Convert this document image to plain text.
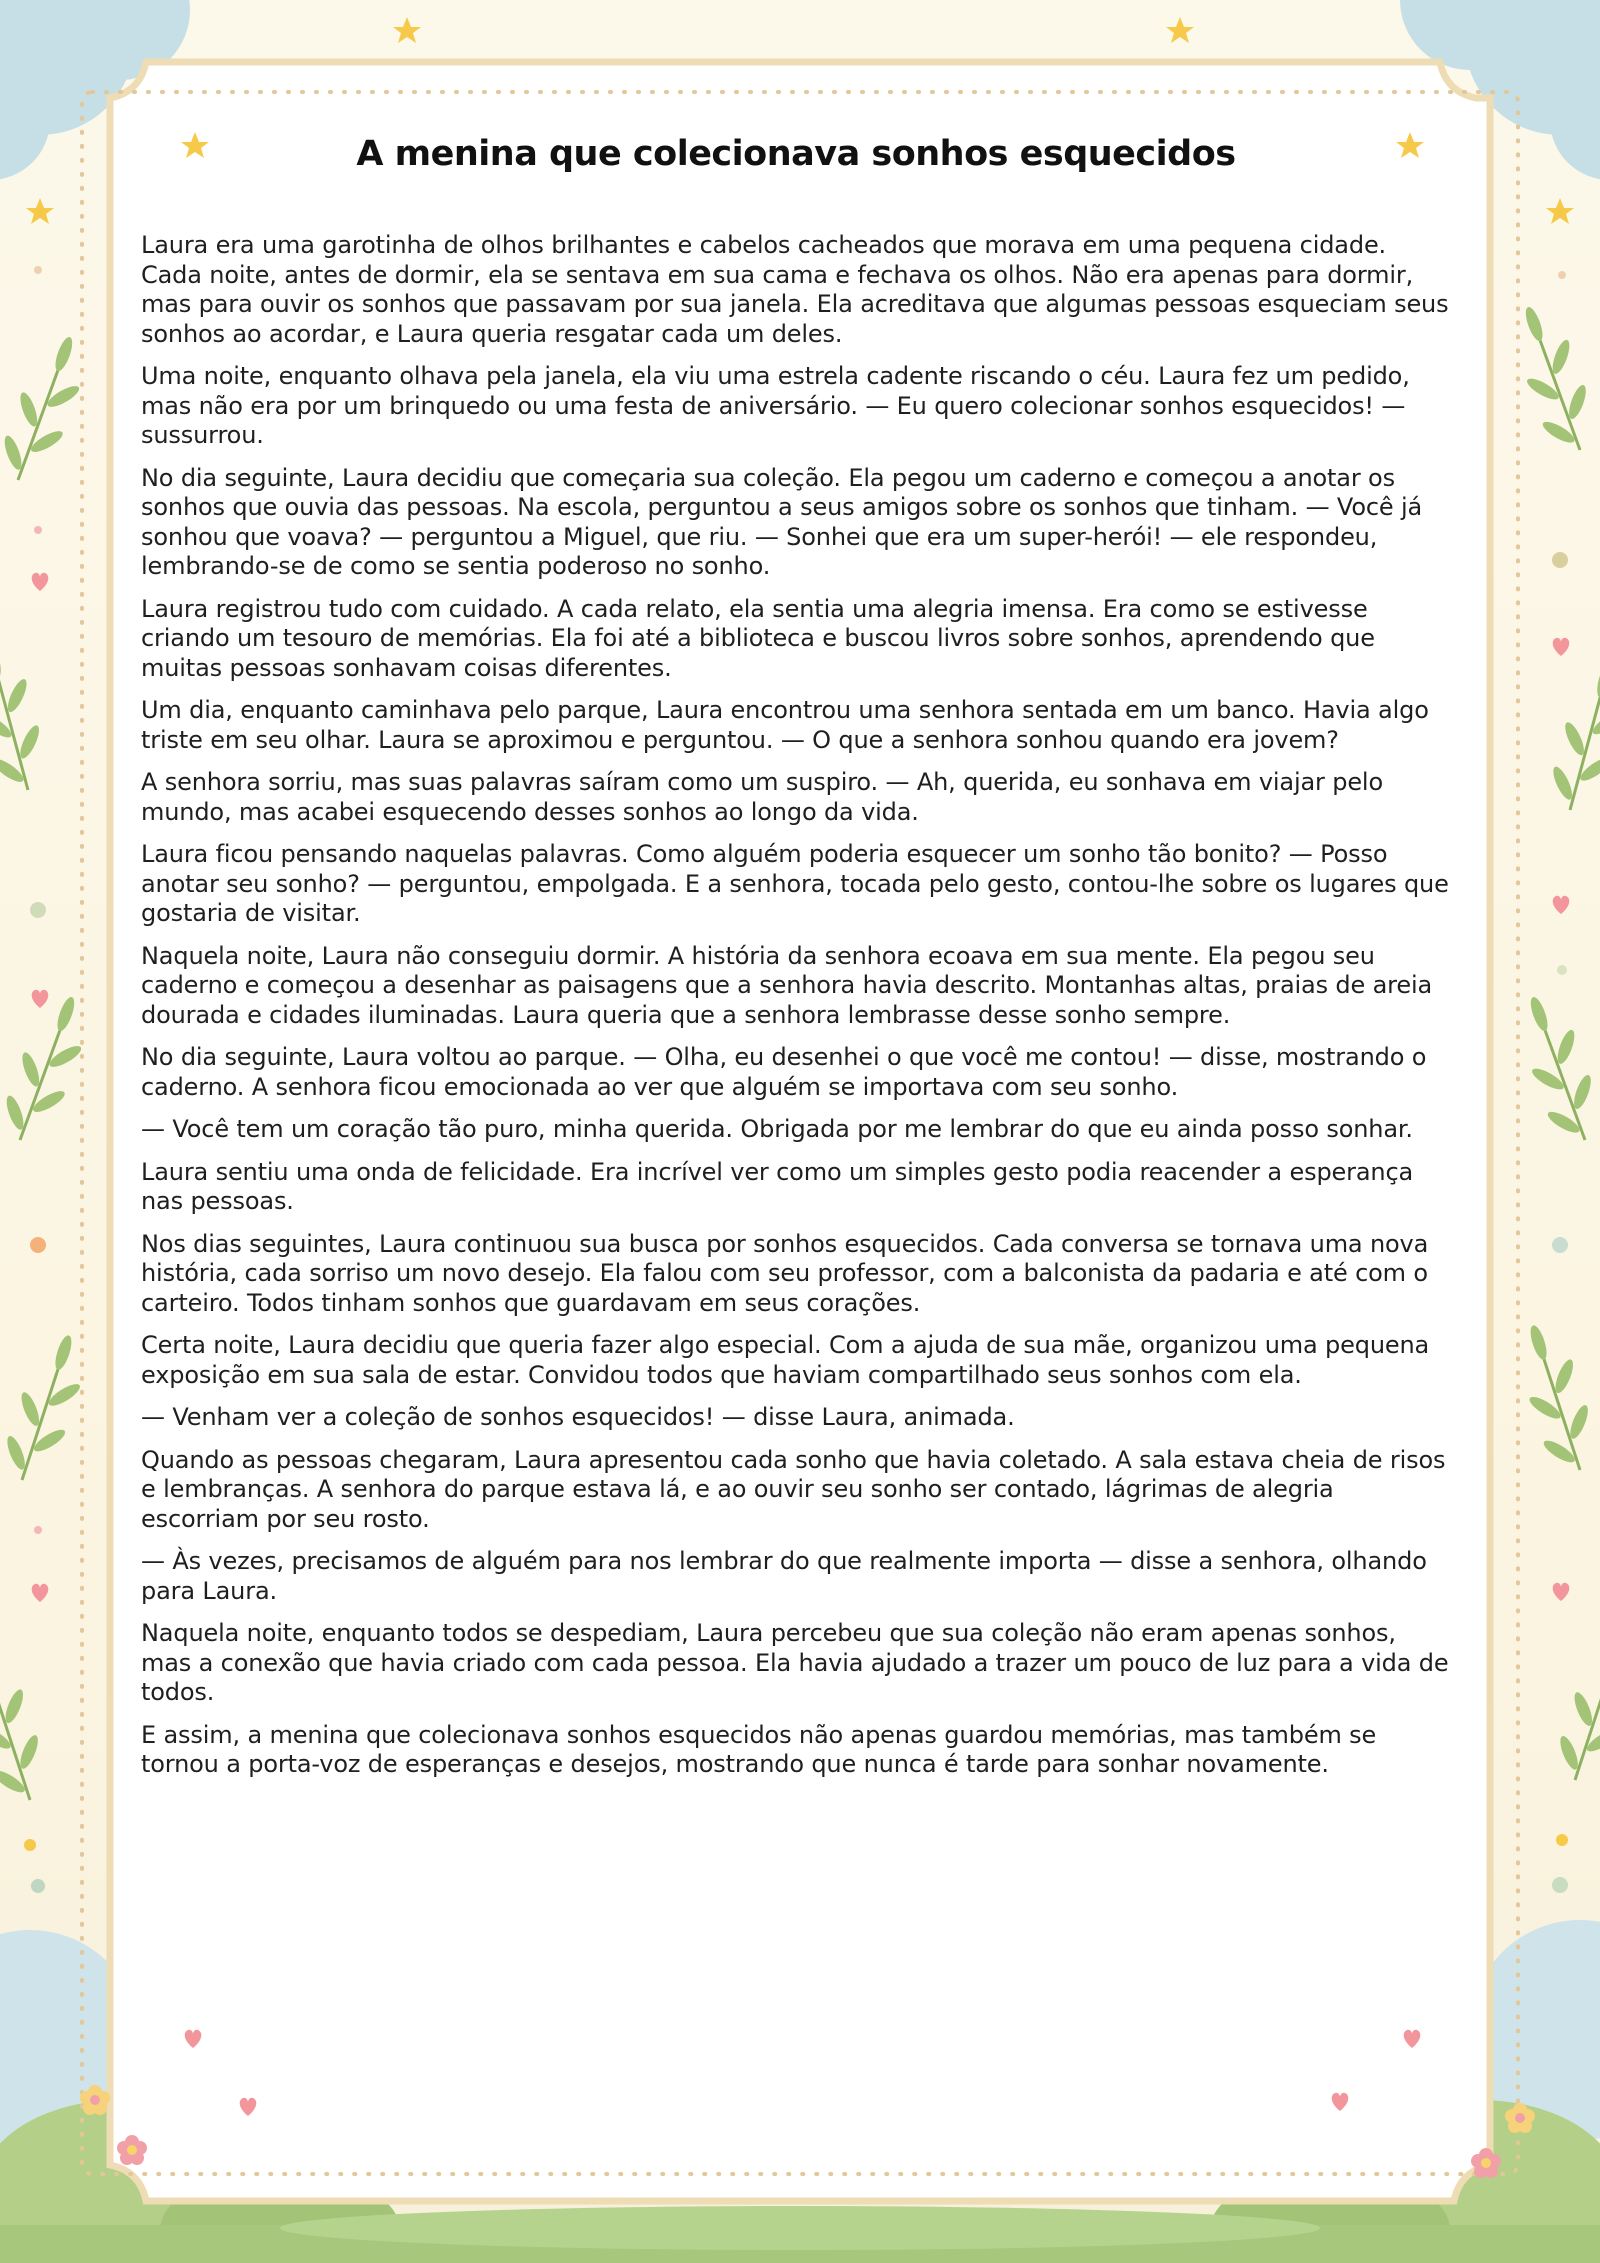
A menina que colecionava sonhos esquecidos

Laura era uma garotinha de olhos brilhantes e cabelos cacheados que morava em uma pequena cidade. Cada noite, antes de dormir, ela se sentava em sua cama e fechava os olhos. Não era apenas para dormir, mas para ouvir os sonhos que passavam por sua janela. Ela acreditava que algumas pessoas esqueciam seus sonhos ao acordar, e Laura queria resgatar cada um deles.

Uma noite, enquanto olhava pela janela, ela viu uma estrela cadente riscando o céu. Laura fez um pedido, mas não era por um brinquedo ou uma festa de aniversário. — Eu quero colecionar sonhos esquecidos! — sussurrou.

No dia seguinte, Laura decidiu que começaria sua coleção. Ela pegou um caderno e começou a anotar os sonhos que ouvia das pessoas. Na escola, perguntou a seus amigos sobre os sonhos que tinham. — Você já sonhou que voava? — perguntou a Miguel, que riu. — Sonhei que era um super-herói! — ele respondeu, lembrando-se de como se sentia poderoso no sonho.

Laura registrou tudo com cuidado. A cada relato, ela sentia uma alegria imensa. Era como se estivesse criando um tesouro de memórias. Ela foi até a biblioteca e buscou livros sobre sonhos, aprendendo que muitas pessoas sonhavam coisas diferentes.

Um dia, enquanto caminhava pelo parque, Laura encontrou uma senhora sentada em um banco. Havia algo triste em seu olhar. Laura se aproximou e perguntou. — O que a senhora sonhou quando era jovem?

A senhora sorriu, mas suas palavras saíram como um suspiro. — Ah, querida, eu sonhava em viajar pelo mundo, mas acabei esquecendo desses sonhos ao longo da vida.

Laura ficou pensando naquelas palavras. Como alguém poderia esquecer um sonho tão bonito? — Posso anotar seu sonho? — perguntou, empolgada. E a senhora, tocada pelo gesto, contou-lhe sobre os lugares que gostaria de visitar.

Naquela noite, Laura não conseguiu dormir. A história da senhora ecoava em sua mente. Ela pegou seu caderno e começou a desenhar as paisagens que a senhora havia descrito. Montanhas altas, praias de areia dourada e cidades iluminadas. Laura queria que a senhora lembrasse desse sonho sempre.

No dia seguinte, Laura voltou ao parque. — Olha, eu desenhei o que você me contou! — disse, mostrando o caderno. A senhora ficou emocionada ao ver que alguém se importava com seu sonho.

— Você tem um coração tão puro, minha querida. Obrigada por me lembrar do que eu ainda posso sonhar.

Laura sentiu uma onda de felicidade. Era incrível ver como um simples gesto podia reacender a esperança nas pessoas.

Nos dias seguintes, Laura continuou sua busca por sonhos esquecidos. Cada conversa se tornava uma nova história, cada sorriso um novo desejo. Ela falou com seu professor, com a balconista da padaria e até com o carteiro. Todos tinham sonhos que guardavam em seus corações.

Certa noite, Laura decidiu que queria fazer algo especial. Com a ajuda de sua mãe, organizou uma pequena exposição em sua sala de estar. Convidou todos que haviam compartilhado seus sonhos com ela.

— Venham ver a coleção de sonhos esquecidos! — disse Laura, animada.

Quando as pessoas chegaram, Laura apresentou cada sonho que havia coletado. A sala estava cheia de risos e lembranças. A senhora do parque estava lá, e ao ouvir seu sonho ser contado, lágrimas de alegria escorriam por seu rosto.

— Às vezes, precisamos de alguém para nos lembrar do que realmente importa — disse a senhora, olhando para Laura.

Naquela noite, enquanto todos se despediam, Laura percebeu que sua coleção não eram apenas sonhos, mas a conexão que havia criado com cada pessoa. Ela havia ajudado a trazer um pouco de luz para a vida de todos.

E assim, a menina que colecionava sonhos esquecidos não apenas guardou memórias, mas também se tornou a porta-voz de esperanças e desejos, mostrando que nunca é tarde para sonhar novamente.
